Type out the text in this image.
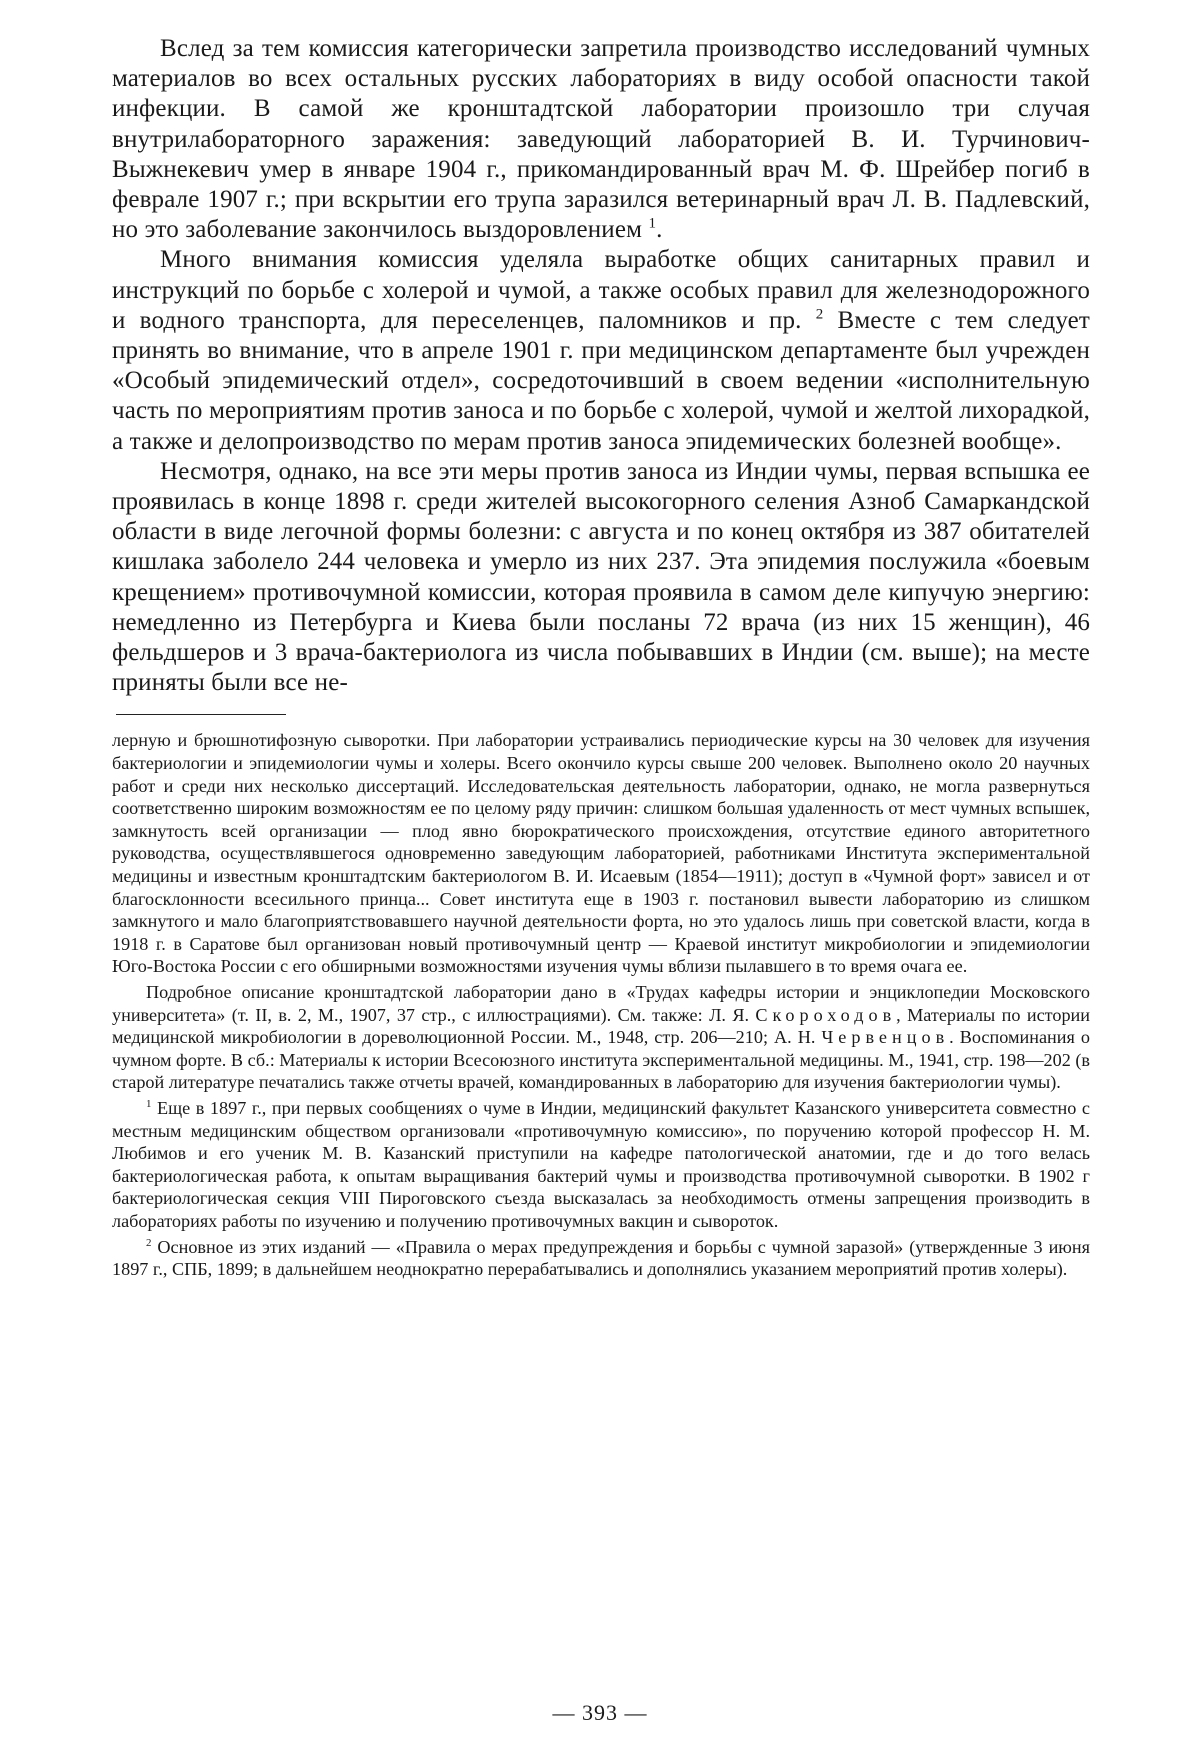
Вслед за тем комиссия категорически запретила производство исследований чумных материалов во всех остальных русских лабораториях в виду особой опасности такой инфекции. В самой же кронштадтской лаборатории произошло три случая внутрилабораторного заражения: заведующий лабораторией В. И. Турчинович-Выжнекевич умер в январе 1904 г., прикомандированный врач М. Ф. Шрейбер погиб в феврале 1907 г.; при вскрытии его трупа заразился ветеринарный врач Л. В. Падлевский, но это заболевание закончилось выздоровлением $^1$.

Много внимания комиссия уделяла выработке общих санитарных правил и инструкций по борьбе с холерой и чумой, а также особых правил для железнодорожного и водного транспорта, для переселенцев, паломников и пр. $^2$ Вместе с тем следует принять во внимание, что в апреле 1901 г. при медицинском департаменте был учрежден «Особый эпидемический отдел», сосредоточивший в своем ведении «исполнительную часть по мероприятиям против заноса и по борьбе с холерой, чумой и желтой лихорадкой, а также и делопроизводство по мерам против заноса эпидемических болезней вообще».

Несмотря, однако, на все эти меры против заноса из Индии чумы, первая вспышка ее проявилась в конце 1898 г. среди жителей высокогорного селения Азноб Самаркандской области в виде легочной формы болезни: с августа и по конец октября из 387 обитателей кишлака заболело 244 человека и умерло из них 237. Эта эпидемия послужила «боевым крещением» противочумной комиссии, которая проявила в самом деле кипучую энергию: немедленно из Петербурга и Киева были посланы 72 врача (из них 15 женщин), 46 фельдшеров и 3 врача-бактериолога из числа побывавших в Индии (см. выше); на месте приняты были все не-

лерную и брюшнотифозную сыворотки. При лаборатории устраивались периодические курсы на 30 человек для изучения бактериологии и эпидемиологии чумы и холеры. Всего окончило курсы свыше 200 человек. Выполнено около 20 научных работ и среди них несколько диссертаций. Исследовательская деятельность лаборатории, однако, не могла развернуться соответственно широким возможностям ее по целому ряду причин: слишком большая удаленность от мест чумных вспышек, замкнутость всей организации — плод явно бюрократического происхождения, отсутствие единого авторитетного руководства, осуществлявшегося одновременно заведующим лабораторией, работниками Института экспериментальной медицины и известным кронштадтским бактериологом В. И. Исаевым (1854—1911); доступ в «Чумной форт» зависел и от благосклонности всесильного принца... Совет института еще в 1903 г. постановил вывести лабораторию из слишком замкнутого и мало благоприятствовавшего научной деятельности форта, но это удалось лишь при советской власти, когда в 1918 г. в Саратове был организован новый противочумный центр — Краевой институт микробиологии и эпидемиологии Юго-Востока России с его обширными возможностями изучения чумы вблизи пылавшего в то время очага ее.

Подробное описание кронштадтской лаборатории дано в «Трудах кафедры истории и энциклопедии Московского университета» (т. II, в. 2, М., 1907, 37 стр., с иллюстрациями). См. также: Л. Я. Скороходов, Материалы по истории медицинской микробиологии в дореволюционной России. М., 1948, стр. 206—210; А. Н. Червенцов. Воспоминания о чумном форте. В сб.: Материалы к истории Всесоюзного института экспериментальной медицины. М., 1941, стр. 198—202 (в старой литературе печатались также отчеты врачей, командированных в лабораторию для изучения бактериологии чумы).

$^1$ Еще в 1897 г., при первых сообщениях о чуме в Индии, медицинский факультет Казанского университета совместно с местным медицинским обществом организовали «противочумную комиссию», по поручению которой профессор Н. М. Любимов и его ученик М. В. Казанский приступили на кафедре патологической анатомии, где и до того велась бактериологическая работа, к опытам выращивания бактерий чумы и производства противочумной сыворотки. В 1902 г бактериологическая секция VIII Пироговского съезда высказалась за необходимость отмены запрещения производить в лабораториях работы по изучению и получению противочумных вакцин и сывороток.

$^2$ Основное из этих изданий — «Правила о мерах предупреждения и борьбы с чумной заразой» (утвержденные 3 июня 1897 г., СПБ, 1899; в дальнейшем неоднократно перерабатывались и дополнялись указанием мероприятий против холеры).

— 393 —
